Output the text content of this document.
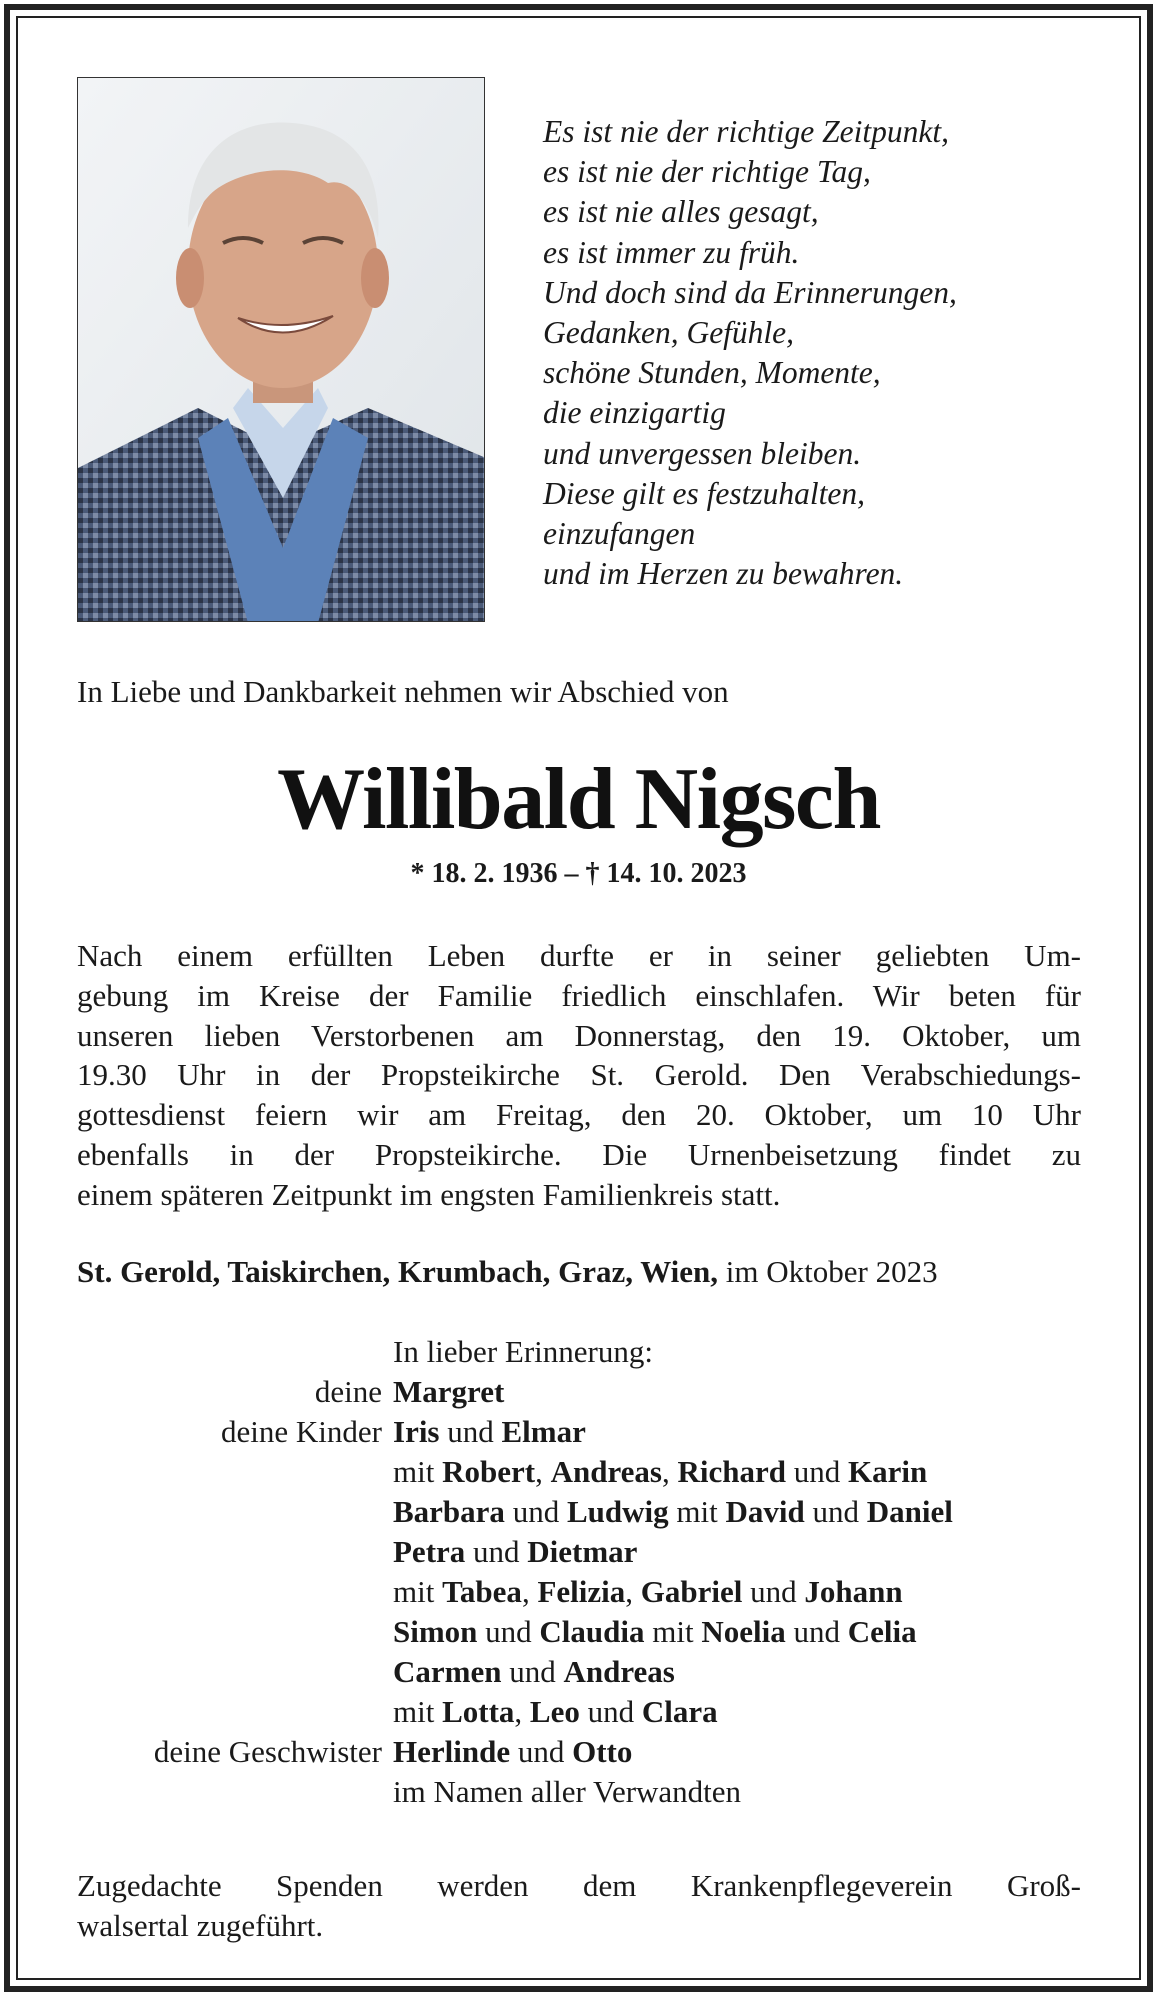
Es ist nie der richtige Zeitpunkt,
es ist nie der richtige Tag,
es ist nie alles gesagt,
es ist immer zu früh.
Und doch sind da Erinnerungen,
Gedanken, Gefühle,
schöne Stunden, Momente,
die einzigartig
und unvergessen bleiben.
Diese gilt es festzuhalten,
einzufangen
und im Herzen zu bewahren.
In Liebe und Dankbarkeit nehmen wir Abschied von
Willibald Nigsch
* 18. 2. 1936 – † 14. 10. 2023
Nach einem erfüllten Leben durfte er in seiner geliebten Um-
gebung im Kreise der Familie friedlich einschlafen. Wir beten für
unseren lieben Verstorbenen am Donnerstag, den 19. Oktober, um
19.30 Uhr in der Propsteikirche St. Gerold. Den Verabschiedungs-
gottesdienst feiern wir am Freitag, den 20. Oktober, um 10 Uhr
ebenfalls in der Propsteikirche. Die Urnenbeisetzung findet zu
einem späteren Zeitpunkt im engsten Familienkreis statt.
St. Gerold, Taiskirchen, Krumbach, Graz, Wien, im Oktober 2023
In lieber Erinnerung:
deine Margret
deine Kinder Iris und Elmar
mit Robert, Andreas, Richard und Karin
Barbara und Ludwig mit David und Daniel
Petra und Dietmar
mit Tabea, Felizia, Gabriel und Johann
Simon und Claudia mit Noelia und Celia
Carmen und Andreas
mit Lotta, Leo und Clara
deine Geschwister Herlinde und Otto
im Namen aller Verwandten
Zugedachte Spenden werden dem Krankenpflegeverein Groß-
walsertal zugeführt.
